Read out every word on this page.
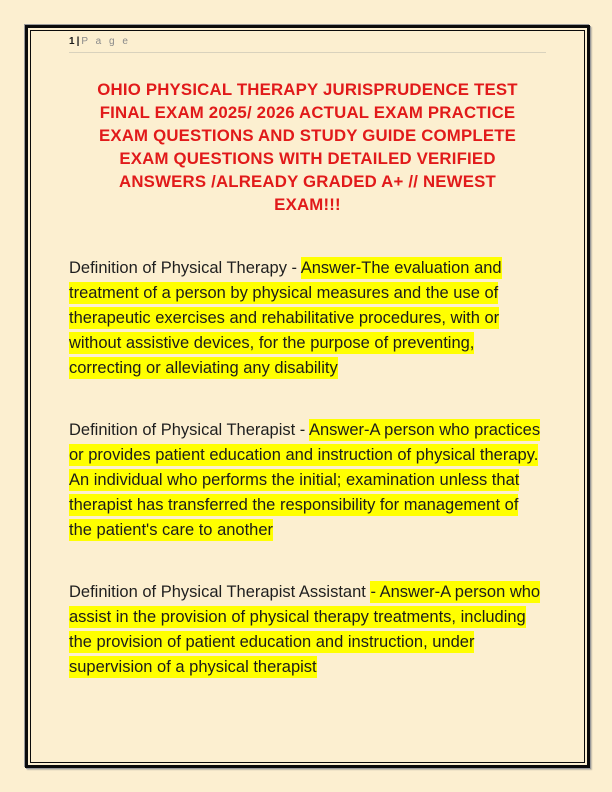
1| P a g e
OHIO PHYSICAL THERAPY JURISPRUDENCE TEST
FINAL EXAM 2025/ 2026 ACTUAL EXAM PRACTICE
EXAM QUESTIONS AND STUDY GUIDE COMPLETE
EXAM QUESTIONS WITH DETAILED VERIFIED
ANSWERS /ALREADY GRADED A+ // NEWEST
EXAM!!!

Definition of Physical Therapy - Answer-The evaluation and treatment of a person by physical measures and the use of therapeutic exercises and rehabilitative procedures, with or without assistive devices, for the purpose of preventing, correcting or alleviating any disability

Definition of Physical Therapist - Answer-A person who practices or provides patient education and instruction of physical therapy. An individual who performs the initial; examination unless that therapist has transferred the responsibility for management of the patient's care to another

Definition of Physical Therapist Assistant - Answer-A person who assist in the provision of physical therapy treatments, including the provision of patient education and instruction, under supervision of a physical therapist
